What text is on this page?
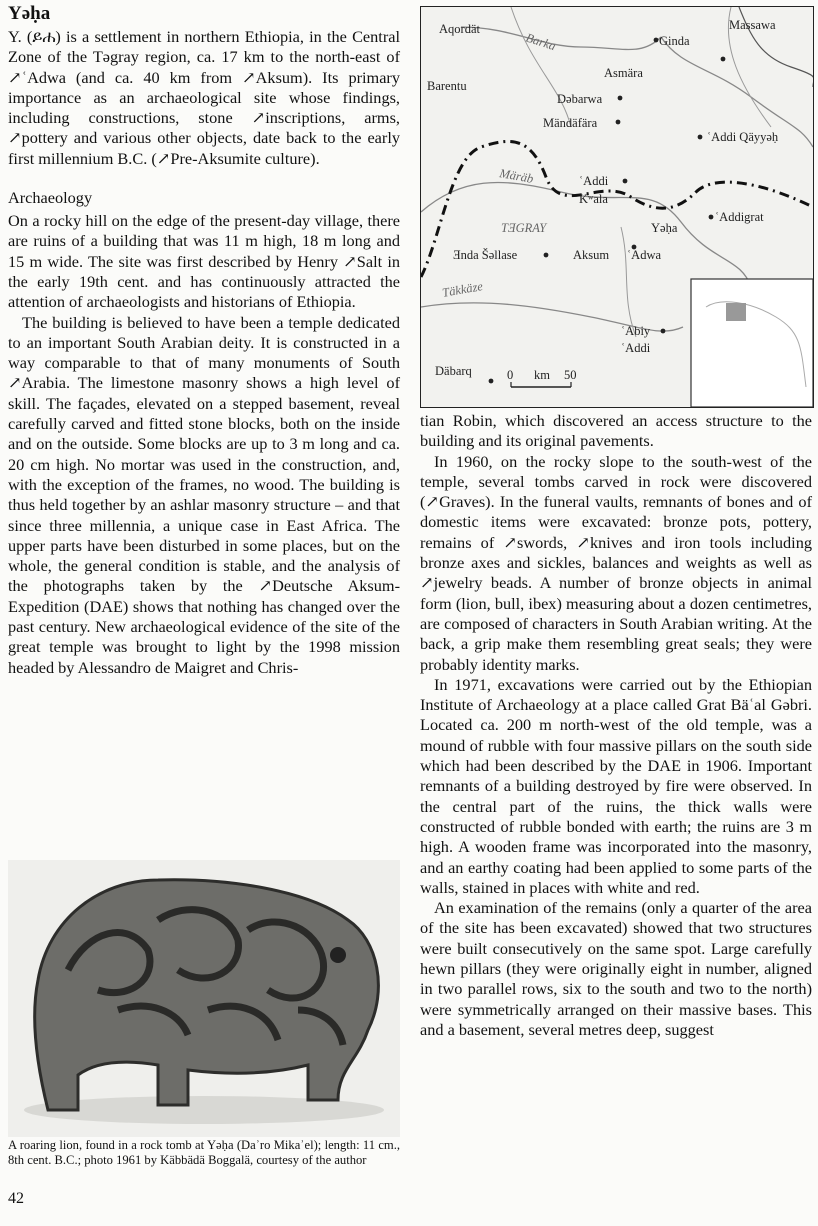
Yəḥa

Y. (ይሐ) is a settlement in northern Ethiopia, in the Central Zone of the Təgray region, ca. 17 km to the north-east of ↗ʿAdwa (and ca. 40 km from ↗Aksum). Its primary importance as an archaeological site whose findings, including constructions, stone ↗inscriptions, arms, ↗pottery and various other objects, date back to the early first millennium B.C. (↗Pre-Aksumite culture).

Archaeology

On a rocky hill on the edge of the present-day village, there are ruins of a building that was 11 m high, 18 m long and 15 m wide. The site was first described by Henry ↗Salt in the early 19th cent. and has continuously attracted the attention of archaeologists and historians of Ethiopia.

The building is believed to have been a temple dedicated to an important South Arabian deity. It is constructed in a way comparable to that of many monuments of South ↗Arabia. The limestone masonry shows a high level of skill. The façades, elevated on a stepped basement, reveal carefully carved and fitted stone blocks, both on the inside and on the outside. Some blocks are up to 3 m long and ca. 20 cm high. No mortar was used in the construction, and, with the exception of the frames, no wood. The building is thus held together by an ashlar masonry structure – and that since three millennia, a unique case in East Africa. The upper parts have been disturbed in some places, but on the whole, the general condition is stable, and the analysis of the photographs taken by the ↗Deutsche Aksum-Expedition (DAE) shows that nothing has changed over the past century. New archaeological evidence of the site of the great temple was brought to light by the 1998 mission headed by Alessandro de Maigret and Chris-

Aqordät	Massawa
Ginda
Asmära
Barentu
Dəbarwa
Mändäfära
ʿAddi Qäyyəḥ
ʿAddi
Kʷala
Yəḥa
ʿAddigrat
Ǝnda Šəllase	Aksum ʿAdwa
ʿAbiy
ʿAddi
Däbarq
Barka
Märäb
Täkkäze
TƎGRAY
0 km 50

tian Robin, which discovered an access structure to the building and its original pavements.

In 1960, on the rocky slope to the south-west of the temple, several tombs carved in rock were discovered (↗Graves). In the funeral vaults, remnants of bones and of domestic items were excavated: bronze pots, pottery, remains of ↗swords, ↗knives and iron tools including bronze axes and sickles, balances and weights as well as ↗jewelry beads. A number of bronze objects in animal form (lion, bull, ibex) measuring about a dozen centimetres, are composed of characters in South Arabian writing. At the back, a grip make them resembling great seals; they were probably identity marks.

In 1971, excavations were carried out by the Ethiopian Institute of Archaeology at a place called Grat Bäʿal Gəbri. Located ca. 200 m north-west of the old temple, was a mound of rubble with four massive pillars on the south side which had been described by the DAE in 1906. Important remnants of a building destroyed by fire were observed. In the central part of the ruins, the thick walls were constructed of rubble bonded with earth; the ruins are 3 m high. A wooden frame was incorporated into the masonry, and an earthy coating had been applied to some parts of the walls, stained in places with white and red.

An examination of the remains (only a quarter of the area of the site has been excavated) showed that two structures were built consecutively on the same spot. Large carefully hewn pillars (they were originally eight in number, aligned in two parallel rows, six to the south and two to the north) were symmetrically arranged on their massive bases. This and a basement, several metres deep, suggest

A roaring lion, found in a rock tomb at Yəḥa (Daʾro Mikaʾel); length: 11 cm., 8th cent. B.C.; photo 1961 by Käbbädä Boggalä, courtesy of the author

42
